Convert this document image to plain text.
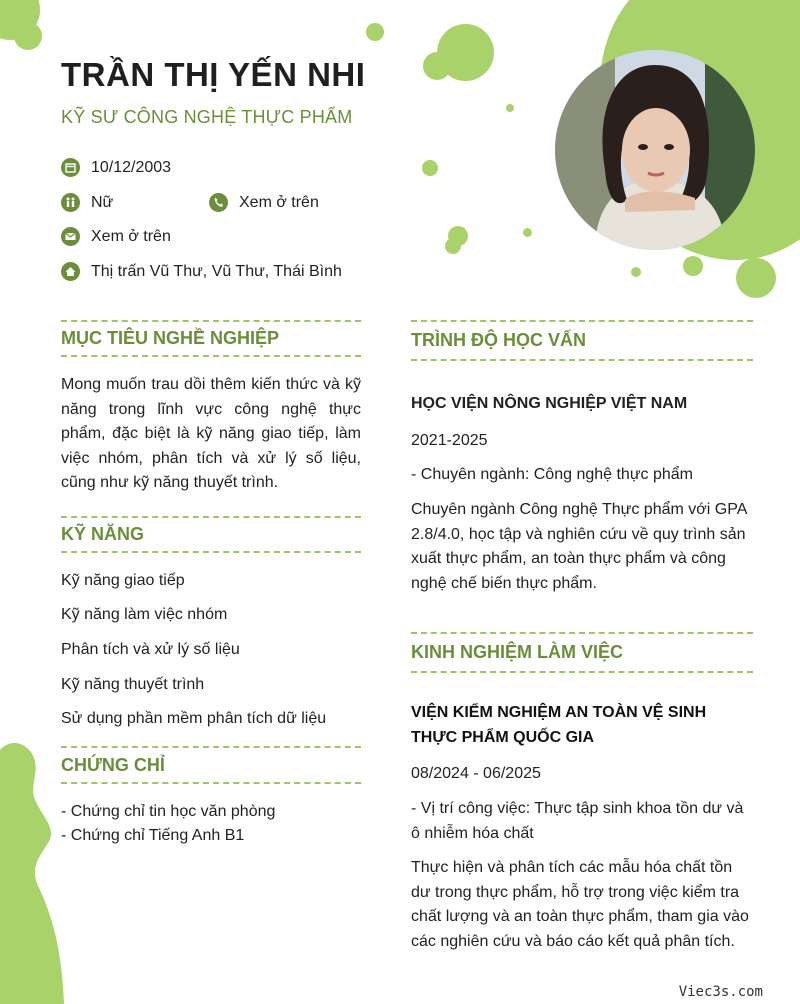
TRẦN THỊ YẾN NHI
KỸ SƯ CÔNG NGHỆ THỰC PHẨM
10/12/2003
Nữ	Xem ở trên
Xem ở trên
Thị trấn Vũ Thư, Vũ Thư, Thái Bình
MỤC TIÊU NGHỀ NGHIỆP
Mong muốn trau dồi thêm kiến thức và kỹ năng trong lĩnh vực công nghệ thực phẩm, đặc biệt là kỹ năng giao tiếp, làm việc nhóm, phân tích và xử lý số liệu, cũng như kỹ năng thuyết trình.
KỸ NĂNG
Kỹ năng giao tiếp
Kỹ năng làm việc nhóm
Phân tích và xử lý số liệu
Kỹ năng thuyết trình
Sử dụng phần mềm phân tích dữ liệu
CHỨNG CHỈ
- Chứng chỉ tin học văn phòng
- Chứng chỉ Tiếng Anh B1
TRÌNH ĐỘ HỌC VẤN
HỌC VIỆN NÔNG NGHIỆP VIỆT NAM
2021-2025
- Chuyên ngành: Công nghệ thực phẩm
Chuyên ngành Công nghệ Thực phẩm với GPA 2.8/4.0, học tập và nghiên cứu về quy trình sản xuất thực phẩm, an toàn thực phẩm và công nghệ chế biến thực phẩm.
KINH NGHIỆM LÀM VIỆC
VIỆN KIỂM NGHIỆM AN TOÀN VỆ SINH THỰC PHẨM QUỐC GIA
08/2024 - 06/2025
- Vị trí công việc: Thực tập sinh khoa tồn dư và ô nhiễm hóa chất
Thực hiện và phân tích các mẫu hóa chất tồn dư trong thực phẩm, hỗ trợ trong việc kiểm tra chất lượng và an toàn thực phẩm, tham gia vào các nghiên cứu và báo cáo kết quả phân tích.
Viec3s.com
